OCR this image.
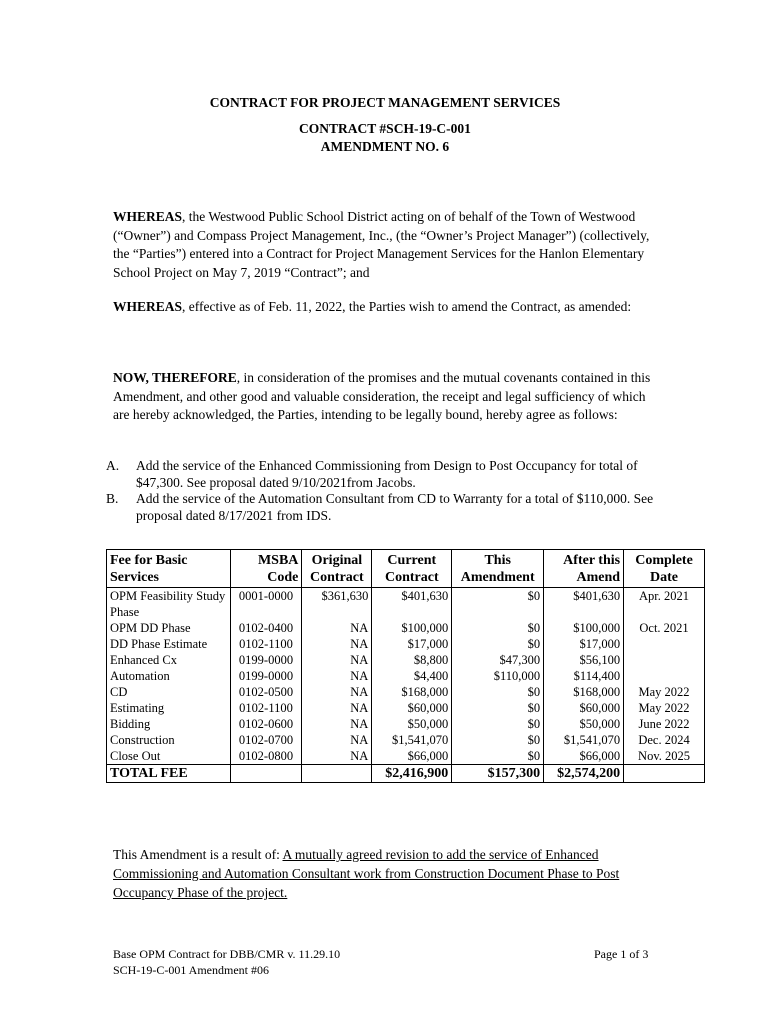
CONTRACT FOR PROJECT MANAGEMENT SERVICES
CONTRACT #SCH-19-C-001
AMENDMENT NO. 6
WHEREAS, the Westwood Public School District acting on of behalf of the Town of Westwood (“Owner”) and Compass Project Management, Inc., (the “Owner’s Project Manager”) (collectively, the “Parties”) entered into a Contract for Project Management Services for the Hanlon Elementary School Project on May 7, 2019 “Contract”; and
WHEREAS, effective as of Feb. 11, 2022, the Parties wish to amend the Contract, as amended:
NOW, THEREFORE, in consideration of the promises and the mutual covenants contained in this Amendment, and other good and valuable consideration, the receipt and legal sufficiency of which are hereby acknowledged, the Parties, intending to be legally bound, hereby agree as follows:
A. Add the service of the Enhanced Commissioning from Design to Post Occupancy for total of $47,300. See proposal dated 9/10/2021from Jacobs.
B. Add the service of the Automation Consultant from CD to Warranty for a total of $110,000. See proposal dated 8/17/2021 from IDS.
Fee for Basic Services	MSBA Code	Original Contract	Current Contract	This Amendment	After this Amend	Complete Date
OPM Feasibility Study Phase	0001-0000	$361,630	$401,630	$0	$401,630	Apr. 2021
OPM DD Phase	0102-0400	NA	$100,000	$0	$100,000	Oct. 2021
DD Phase Estimate	0102-1100	NA	$17,000	$0	$17,000	
Enhanced Cx	0199-0000	NA	$8,800	$47,300	$56,100	
Automation	0199-0000	NA	$4,400	$110,000	$114,400	
CD	0102-0500	NA	$168,000	$0	$168,000	May 2022
Estimating	0102-1100	NA	$60,000	$0	$60,000	May 2022
Bidding	0102-0600	NA	$50,000	$0	$50,000	June 2022
Construction	0102-0700	NA	$1,541,070	$0	$1,541,070	Dec. 2024
Close Out	0102-0800	NA	$66,000	$0	$66,000	Nov. 2025
TOTAL FEE			$2,416,900	$157,300	$2,574,200	
This Amendment is a result of: A mutually agreed revision to add the service of Enhanced Commissioning and Automation Consultant work from Construction Document Phase to Post Occupancy Phase of the project.
Base OPM Contract for DBB/CMR v. 11.29.10
SCH-19-C-001 Amendment #06
Page 1 of 3
